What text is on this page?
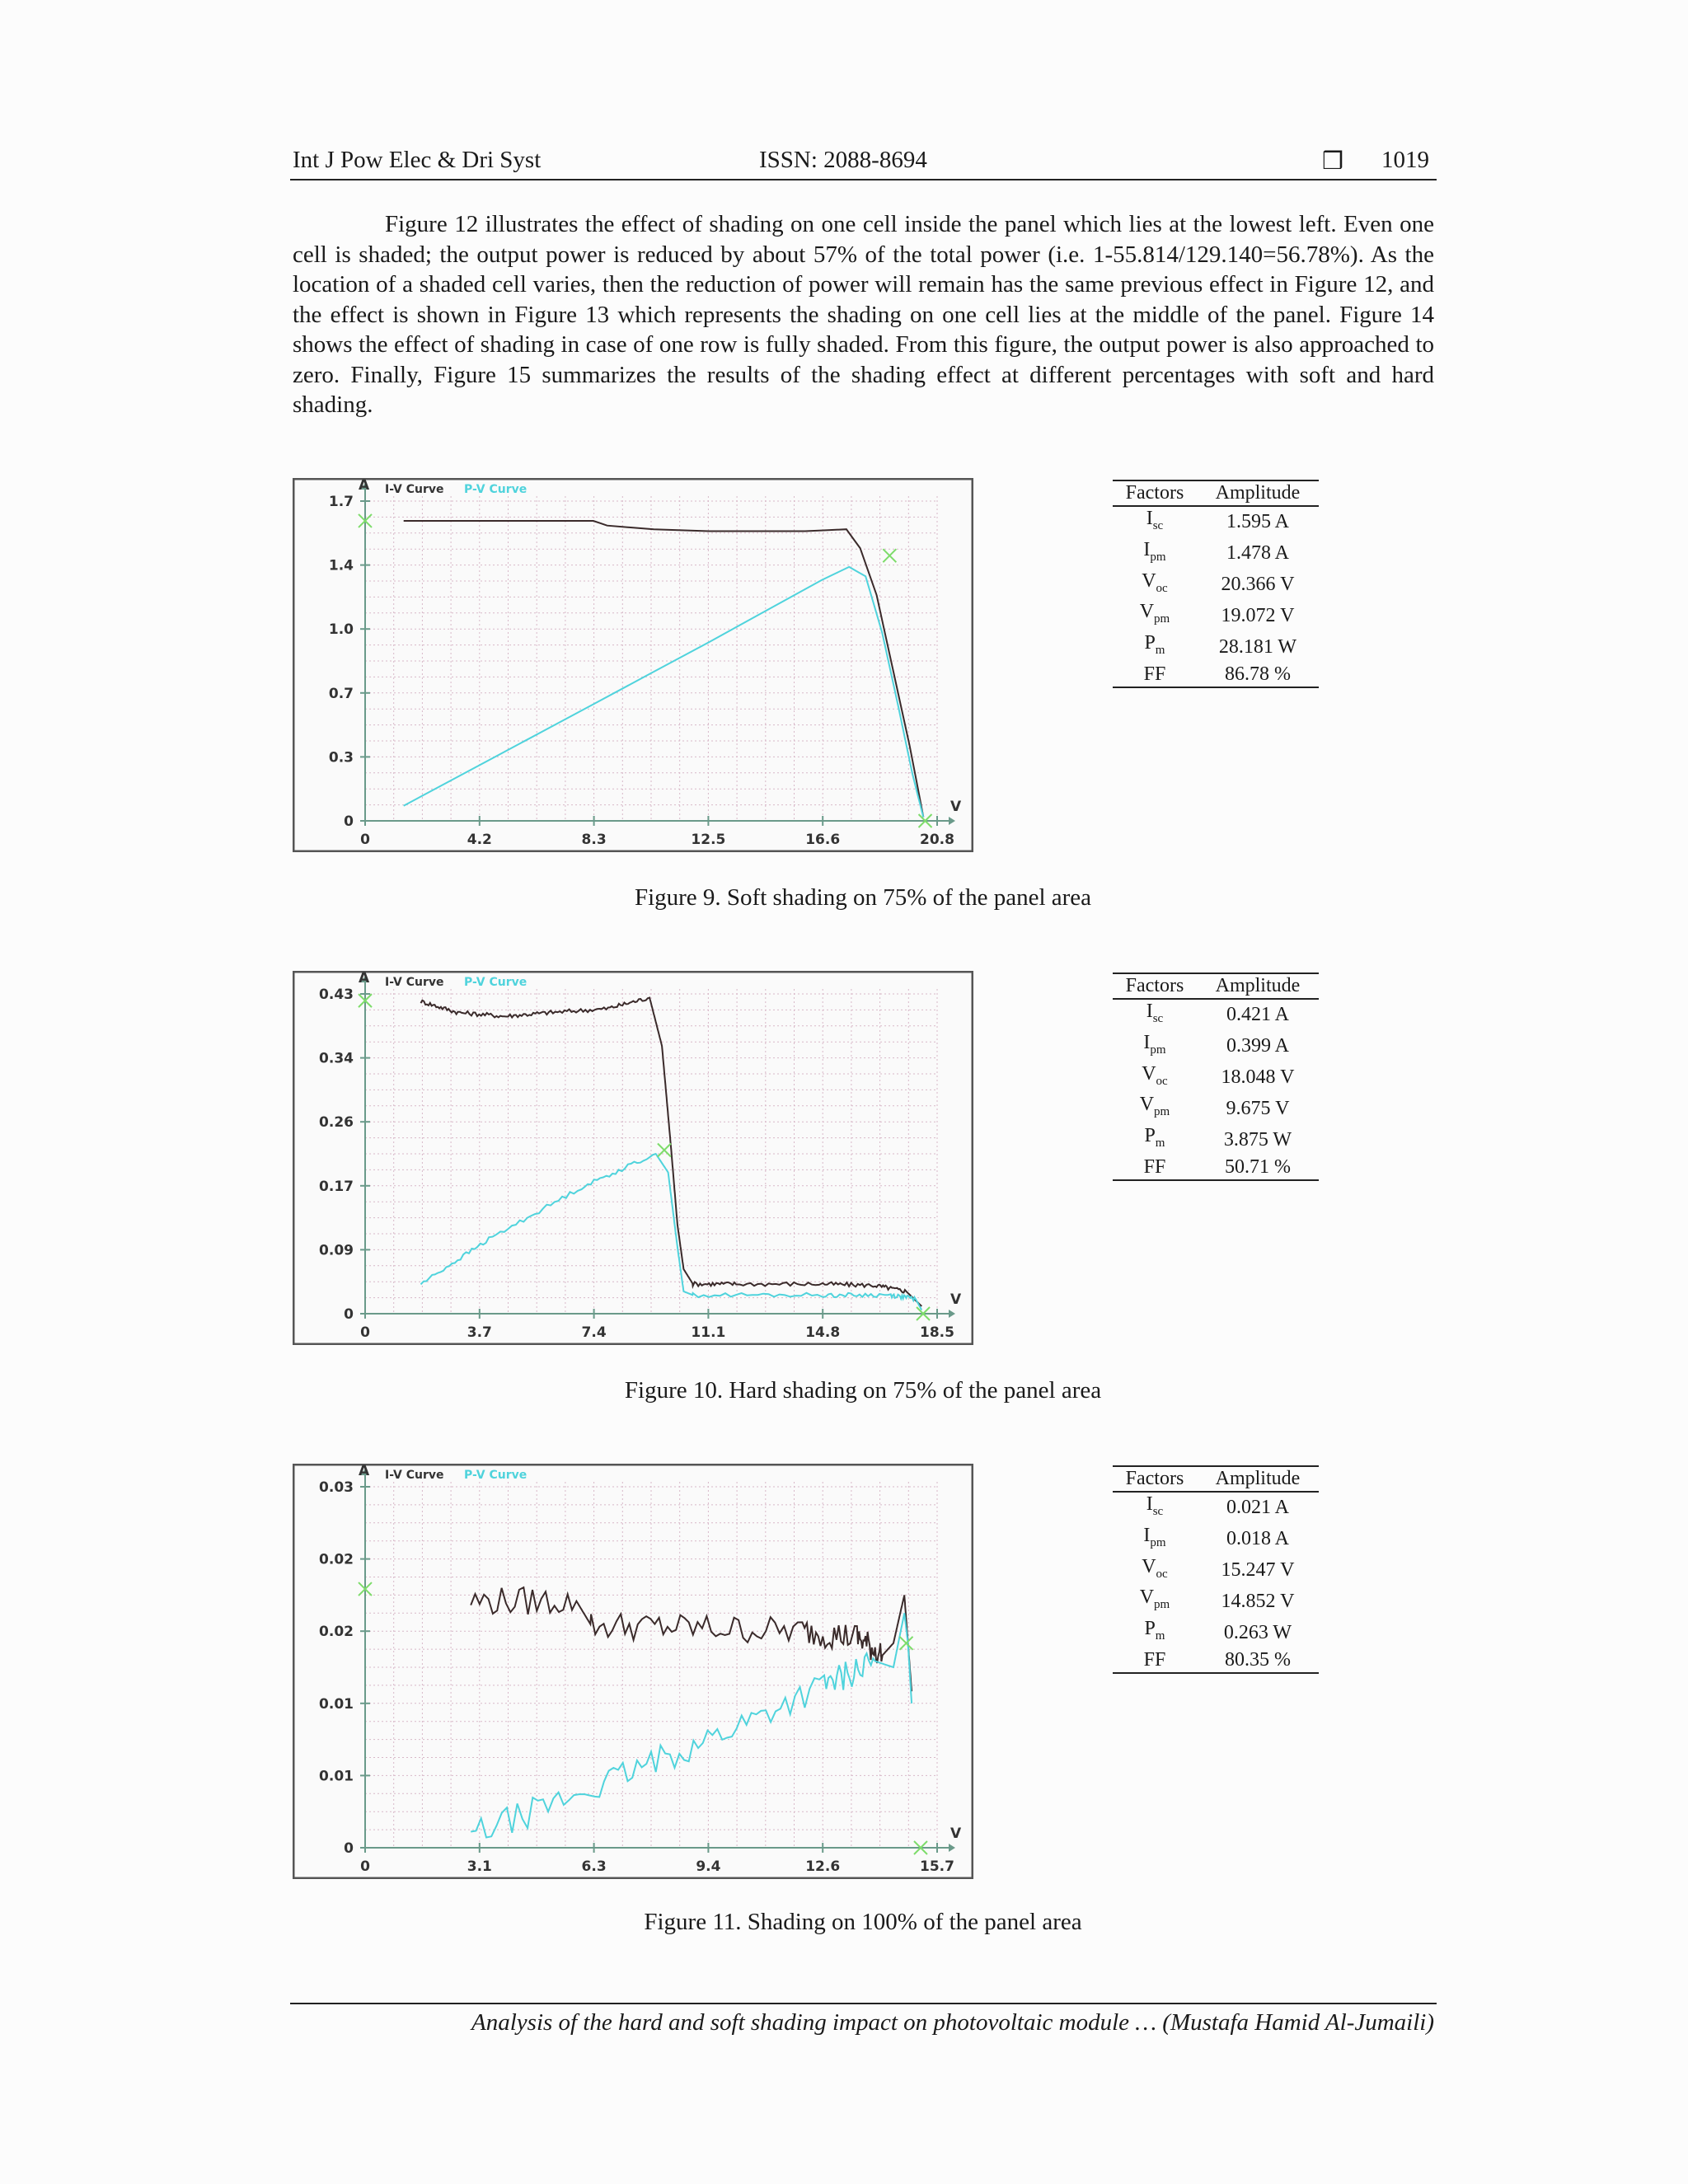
Int J Pow Elec & Dri Syst	ISSN: 2088-8694	❒ 1019
Figure 12 illustrates the effect of shading on one cell inside the panel which lies at the lowest left. Even one cell is shaded; the output power is reduced by about 57% of the total power (i.e. 1-55.814/129.140=56.78%). As the location of a shaded cell varies, then the reduction of power will remain has the same previous effect in Figure 12, and the effect is shown in Figure 13 which represents the shading on one cell lies at the middle of the panel. Figure 14 shows the effect of shading in case of one row is fully shaded. From this figure, the output power is also approached to zero. Finally, Figure 15 summarizes the results of the shading effect at different percentages with soft and hard shading.
A
V
I-V Curve P-V Curve
0
0.3
0.7
1.0
1.4
1.7
0	4.2	8.3	12.5	16.6	20.8
Factors	Amplitude
$I_{sc}$	1.595 A
$I_{pm}$	1.478 A
$V_{oc}$	20.366 V
$V_{pm}$	19.072 V
$P_m$	28.181 W
FF	86.78 %
Figure 9. Soft shading on 75% of the panel area
A
V
I-V Curve P-V Curve
0
0.09
0.17
0.26
0.34
0.43
0	3.7	7.4	11.1	14.8	18.5
Factors	Amplitude
$I_{sc}$	0.421 A
$I_{pm}$	0.399 A
$V_{oc}$	18.048 V
$V_{pm}$	9.675 V
$P_m$	3.875 W
FF	50.71 %
Figure 10. Hard shading on 75% of the panel area
A
V
I-V Curve P-V Curve
0
0.01
0.01
0.02
0.02
0.03
0	3.1	6.3	9.4	12.6	15.7
Factors	Amplitude
$I_{sc}$	0.021 A
$I_{pm}$	0.018 A
$V_{oc}$	15.247 V
$V_{pm}$	14.852 V
$P_m$	0.263 W
FF	80.35 %
Figure 11. Shading on 100% of the panel area
Analysis of the hard and soft shading impact on photovoltaic module … (Mustafa Hamid Al-Jumaili)
